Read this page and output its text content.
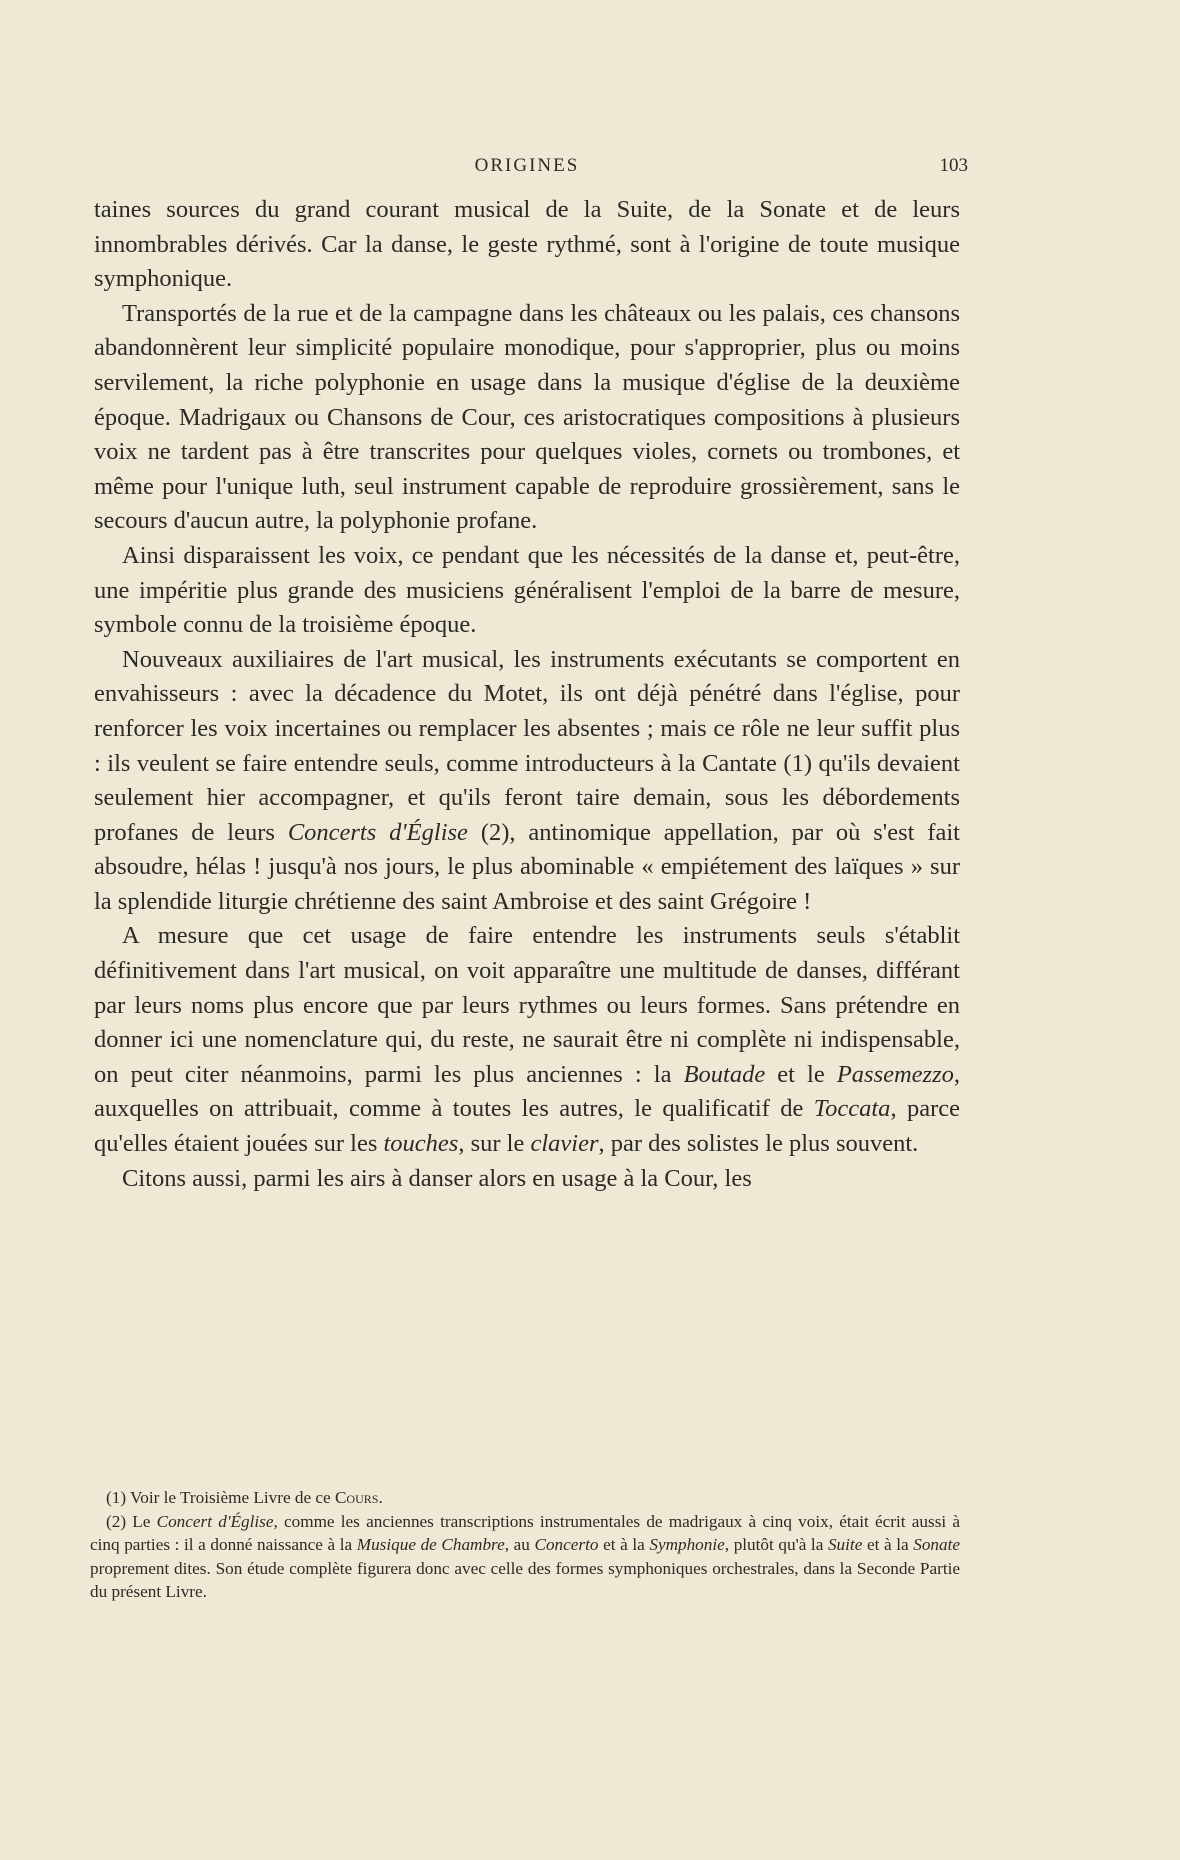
ORIGINES	103

taines sources du grand courant musical de la Suite, de la Sonate et de leurs innombrables dérivés. Car la danse, le geste rythmé, sont à l'origine de toute musique symphonique.

Transportés de la rue et de la campagne dans les châteaux ou les palais, ces chansons abandonnèrent leur simplicité populaire monodique, pour s'approprier, plus ou moins servilement, la riche polyphonie en usage dans la musique d'église de la deuxième époque. Madrigaux ou Chansons de Cour, ces aristocratiques compositions à plusieurs voix ne tardent pas à être transcrites pour quelques violes, cornets ou trombones, et même pour l'unique luth, seul instrument capable de reproduire grossièrement, sans le secours d'aucun autre, la polyphonie profane.

Ainsi disparaissent les voix, ce pendant que les nécessités de la danse et, peut-être, une impéritie plus grande des musiciens généralisent l'emploi de la barre de mesure, symbole connu de la troisième époque.

Nouveaux auxiliaires de l'art musical, les instruments exécutants se comportent en envahisseurs : avec la décadence du Motet, ils ont déjà pénétré dans l'église, pour renforcer les voix incertaines ou remplacer les absentes ; mais ce rôle ne leur suffit plus : ils veulent se faire entendre seuls, comme introducteurs à la Cantate (1) qu'ils devaient seulement hier accompagner, et qu'ils feront taire demain, sous les débordements profanes de leurs Concerts d'Église (2), antinomique appellation, par où s'est fait absoudre, hélas ! jusqu'à nos jours, le plus abominable « empiétement des laïques » sur la splendide liturgie chrétienne des saint Ambroise et des saint Grégoire !

A mesure que cet usage de faire entendre les instruments seuls s'établit définitivement dans l'art musical, on voit apparaître une multitude de danses, différant par leurs noms plus encore que par leurs rythmes ou leurs formes. Sans prétendre en donner ici une nomenclature qui, du reste, ne saurait être ni complète ni indispensable, on peut citer néanmoins, parmi les plus anciennes : la Boutade et le Passemezzo, auxquelles on attribuait, comme à toutes les autres, le qualificatif de Toccata, parce qu'elles étaient jouées sur les touches, sur le clavier, par des solistes le plus souvent.

Citons aussi, parmi les airs à danser alors en usage à la Cour, les

(1) Voir le Troisième Livre de ce Cours.

(2) Le Concert d'Église, comme les anciennes transcriptions instrumentales de madrigaux à cinq voix, était écrit aussi à cinq parties : il a donné naissance à la Musique de Chambre, au Concerto et à la Symphonie, plutôt qu'à la Suite et à la Sonate proprement dites. Son étude complète figurera donc avec celle des formes symphoniques orchestrales, dans la Seconde Partie du présent Livre.
